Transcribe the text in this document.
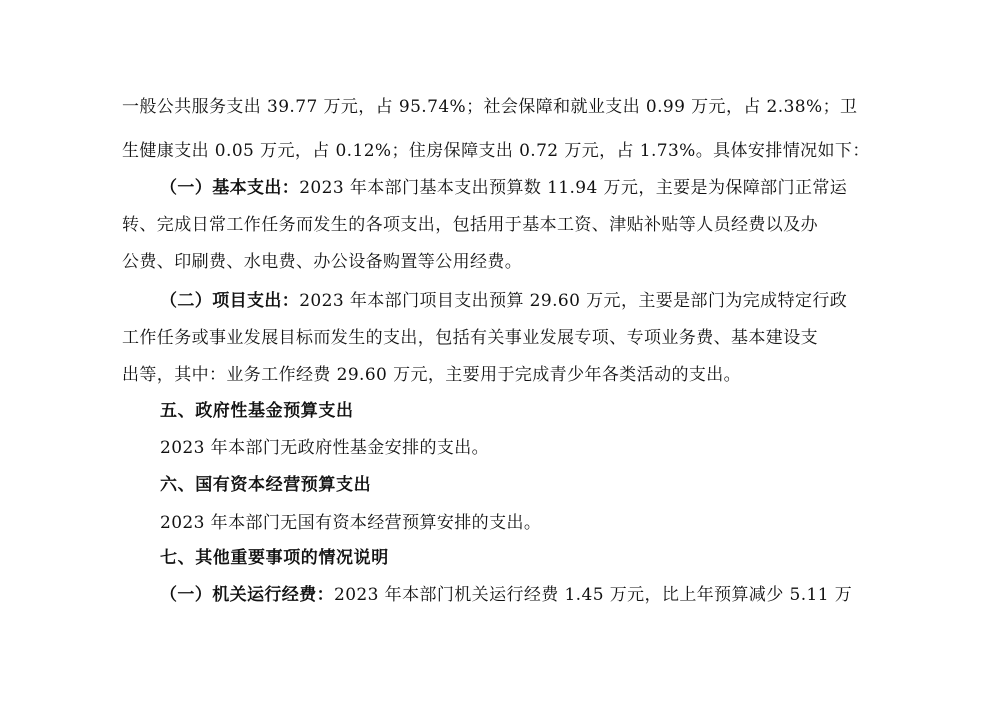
一般公共服务支出 39.77 万元，占 95.74%；社会保障和就业支出 0.99 万元，占 2.38%；卫
生健康支出 0.05 万元，占 0.12%；住房保障支出 0.72 万元，占 1.73%。具体安排情况如下：
（一）基本支出：2023 年本部门基本支出预算数 11.94 万元，主要是为保障部门正常运
转、完成日常工作任务而发生的各项支出，包括用于基本工资、津贴补贴等人员经费以及办
公费、印刷费、水电费、办公设备购置等公用经费。
（二）项目支出：2023 年本部门项目支出预算 29.60 万元，主要是部门为完成特定行政
工作任务或事业发展目标而发生的支出，包括有关事业发展专项、专项业务费、基本建设支
出等，其中：业务工作经费 29.60 万元，主要用于完成青少年各类活动的支出。
五、政府性基金预算支出
2023 年本部门无政府性基金安排的支出。
六、国有资本经营预算支出
2023 年本部门无国有资本经营预算安排的支出。
七、其他重要事项的情况说明
（一）机关运行经费：2023 年本部门机关运行经费 1.45 万元，比上年预算减少 5.11 万
